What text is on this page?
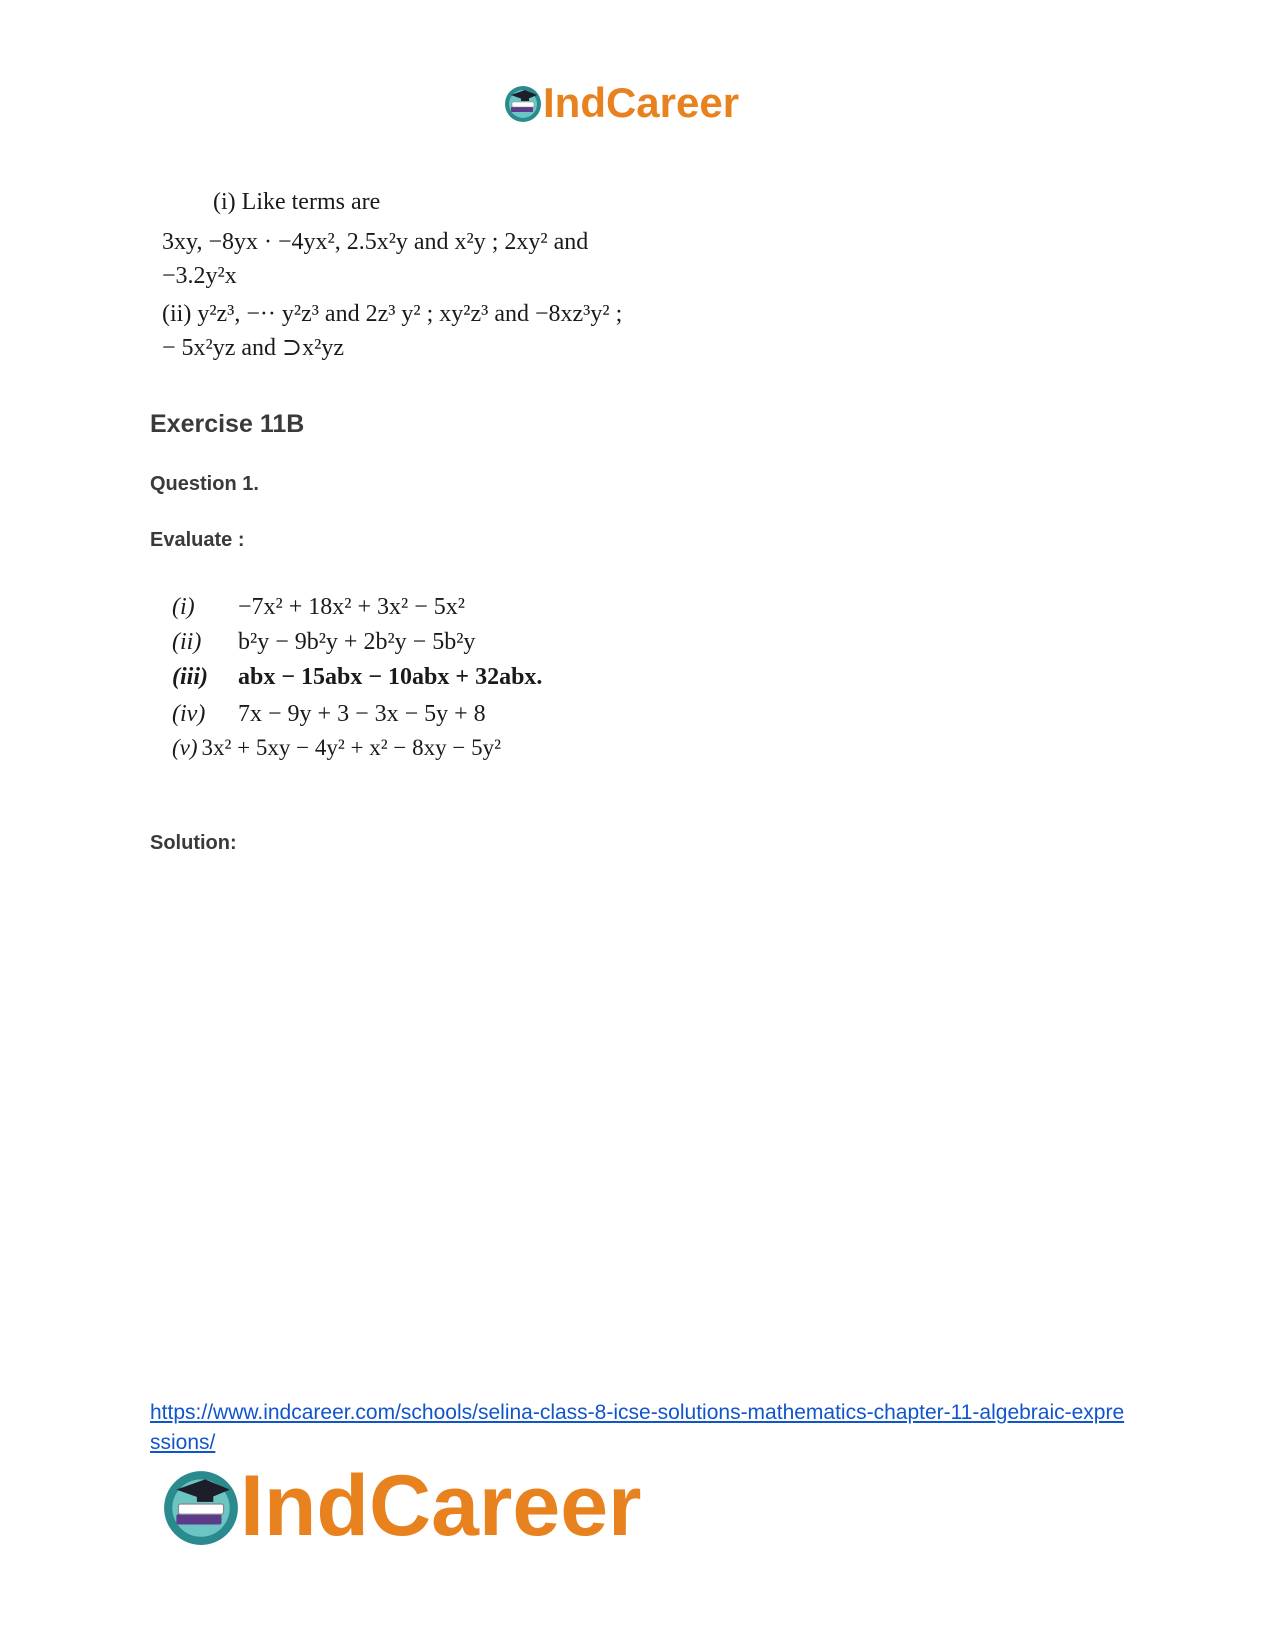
IndCareer
(i) Like terms are
3xy, −8yx · −4yx², 2.5x²y and x²y ; 2xy² and
−3.2y²x
(ii) y²z³, −·· y²z³ and 2z³ y² ; xy²z³ and −8xz³y² ;
− 5x²yz and ⊃x²yz
Exercise 11B
Question 1.
Evaluate :
(i) −7x² + 18x² + 3x² − 5x²
(ii) b²y − 9b²y + 2b²y − 5b²y
(iii) abx − 15abx − 10abx + 32abx.
(iv) 7x − 9y + 3 − 3x − 5y + 8
(v) 3x² + 5xy − 4y² + x² − 8xy − 5y²
Solution:
https://www.indcareer.com/schools/selina-class-8-icse-solutions-mathematics-chapter-11-algebraic-expressions/
IndCareer
